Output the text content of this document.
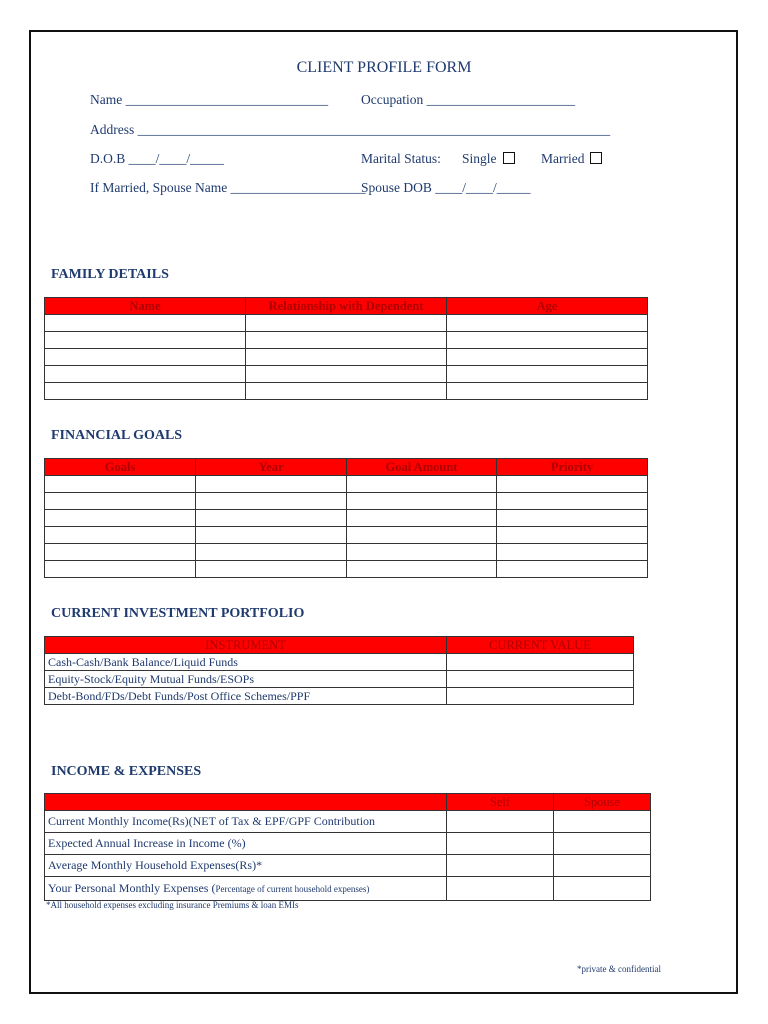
CLIENT PROFILE FORM
Name ______________________________ Occupation ______________________
Address ______________________________________________________________________
D.O.B ____/____/_____	Marital Status: Single	Married
If Married, Spouse Name ____________________
Spouse DOB ____/____/_____
FAMILY DETAILS
Name	Relationship with Dependent	Age

FINANCIAL GOALS
Goals	Year	Goal Amount	Priority

CURRENT INVESTMENT PORTFOLIO
INSTRUMENT	CURRENT VALUE
Cash-Cash/Bank Balance/Liquid Funds	
Equity-Stock/Equity Mutual Funds/ESOPs	
Debt-Bond/FDs/Debt Funds/Post Office Schemes/PPF	
INCOME & EXPENSES
	Self	Spouse
Current Monthly Income(Rs)(NET of Tax & EPF/GPF Contribution		
Expected Annual Increase in Income (%)		
Average Monthly Household Expenses(Rs)*		
Your Personal Monthly Expenses (Percentage of current household expenses)		
*All household expenses excluding insurance Premiums & loan EMIs
*private & confidential
